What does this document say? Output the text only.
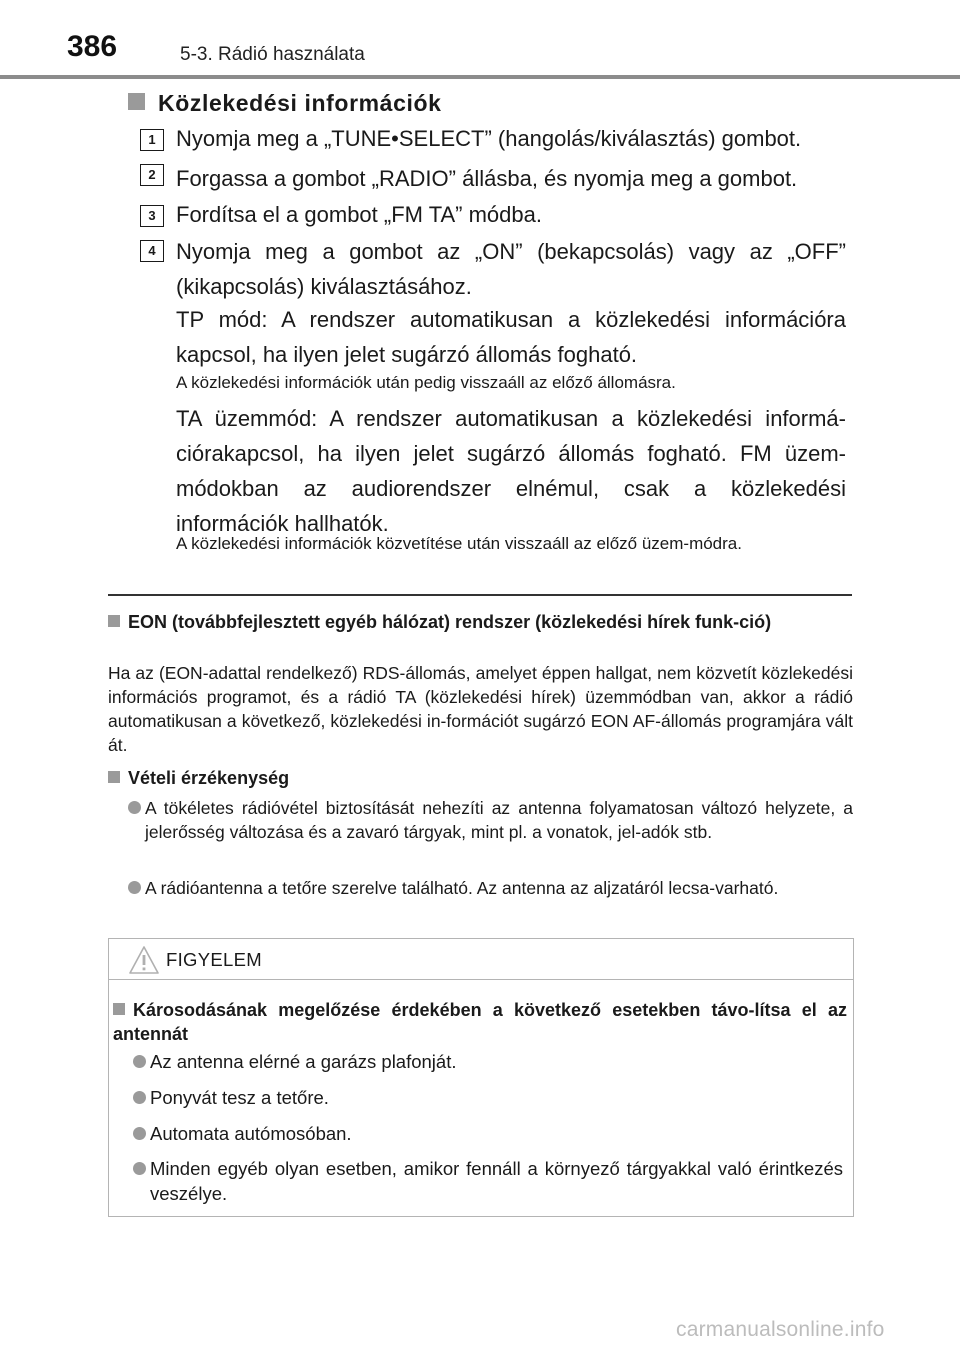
386	5-3. Rádió használata
Közlekedési információk
1 Nyomja meg a „TUNE•SELECT” (hangolás/kiválasztás) gombot.
2 Forgassa a gombot „RADIO” állásba, és nyomja meg a gombot.
3 Fordítsa el a gombot „FM TA” módba.
4 Nyomja meg a gombot az „ON” (bekapcsolás) vagy az „OFF” (kikapcsolás) kiválasztásához.
TP mód: A rendszer automatikusan a közlekedési információra kapcsol, ha ilyen jelet sugárzó állomás fogható.
A közlekedési információk után pedig visszaáll az előző állomásra.
TA üzemmód: A rendszer automatikusan a közlekedési informá-ciórakapcsol, ha ilyen jelet sugárzó állomás fogható. FM üzem-módokban az audiorendszer elnémul, csak a közlekedési információk hallhatók.
A közlekedési információk közvetítése után visszaáll az előző üzem-módra.
EON (továbbfejlesztett egyéb hálózat) rendszer (közlekedési hírek funk-ció)
Ha az (EON-adattal rendelkező) RDS-állomás, amelyet éppen hallgat, nem közvetít közlekedési információs programot, és a rádió TA (közlekedési hírek) üzemmódban van, akkor a rádió automatikusan a következő, közlekedési in-formációt sugárzó EON AF-állomás programjára vált át.
Vételi érzékenység
A tökéletes rádióvétel biztosítását nehezíti az antenna folyamatosan változó helyzete, a jelerősség változása és a zavaró tárgyak, mint pl. a vonatok, jel-adók stb.
A rádióantenna a tetőre szerelve található. Az antenna az aljzatáról lecsa-varható.
FIGYELEM
Károsodásának megelőzése érdekében a következő esetekben távo-lítsa el az antennát
Az antenna elérné a garázs plafonját.
Ponyvát tesz a tetőre.
Automata autómosóban.
Minden egyéb olyan esetben, amikor fennáll a környező tárgyakkal való érintkezés veszélye.
carmanualsonline.info
